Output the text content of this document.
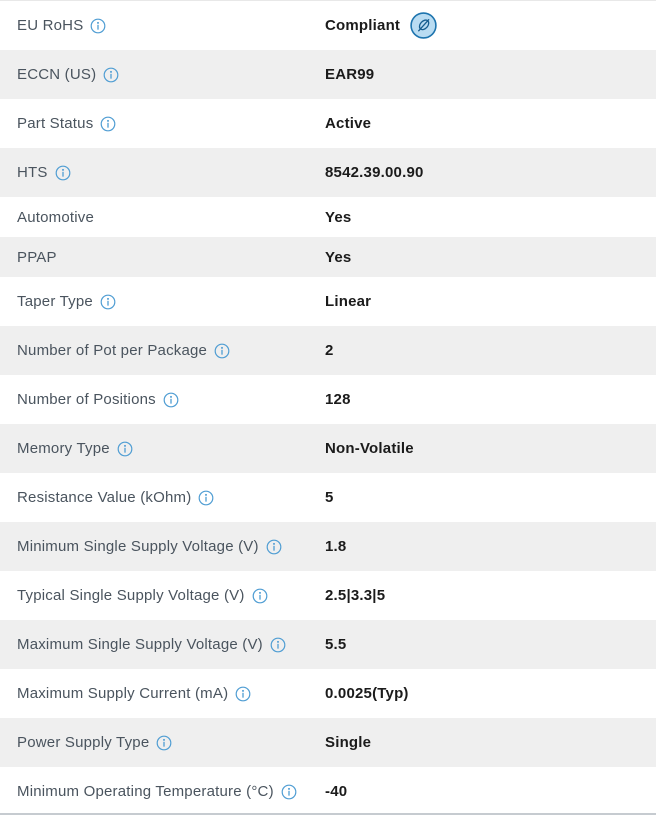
EU RoHS	Compliant
ECCN (US)	EAR99
Part Status	Active
HTS	8542.39.00.90
Automotive	Yes
PPAP	Yes
Taper Type	Linear
Number of Pot per Package	2
Number of Positions	128
Memory Type	Non-Volatile
Resistance Value (kOhm)	5
Minimum Single Supply Voltage (V)	1.8
Typical Single Supply Voltage (V)	2.5|3.3|5
Maximum Single Supply Voltage (V)	5.5
Maximum Supply Current (mA)	0.0025(Typ)
Power Supply Type	Single
Minimum Operating Temperature (°C)	-40
